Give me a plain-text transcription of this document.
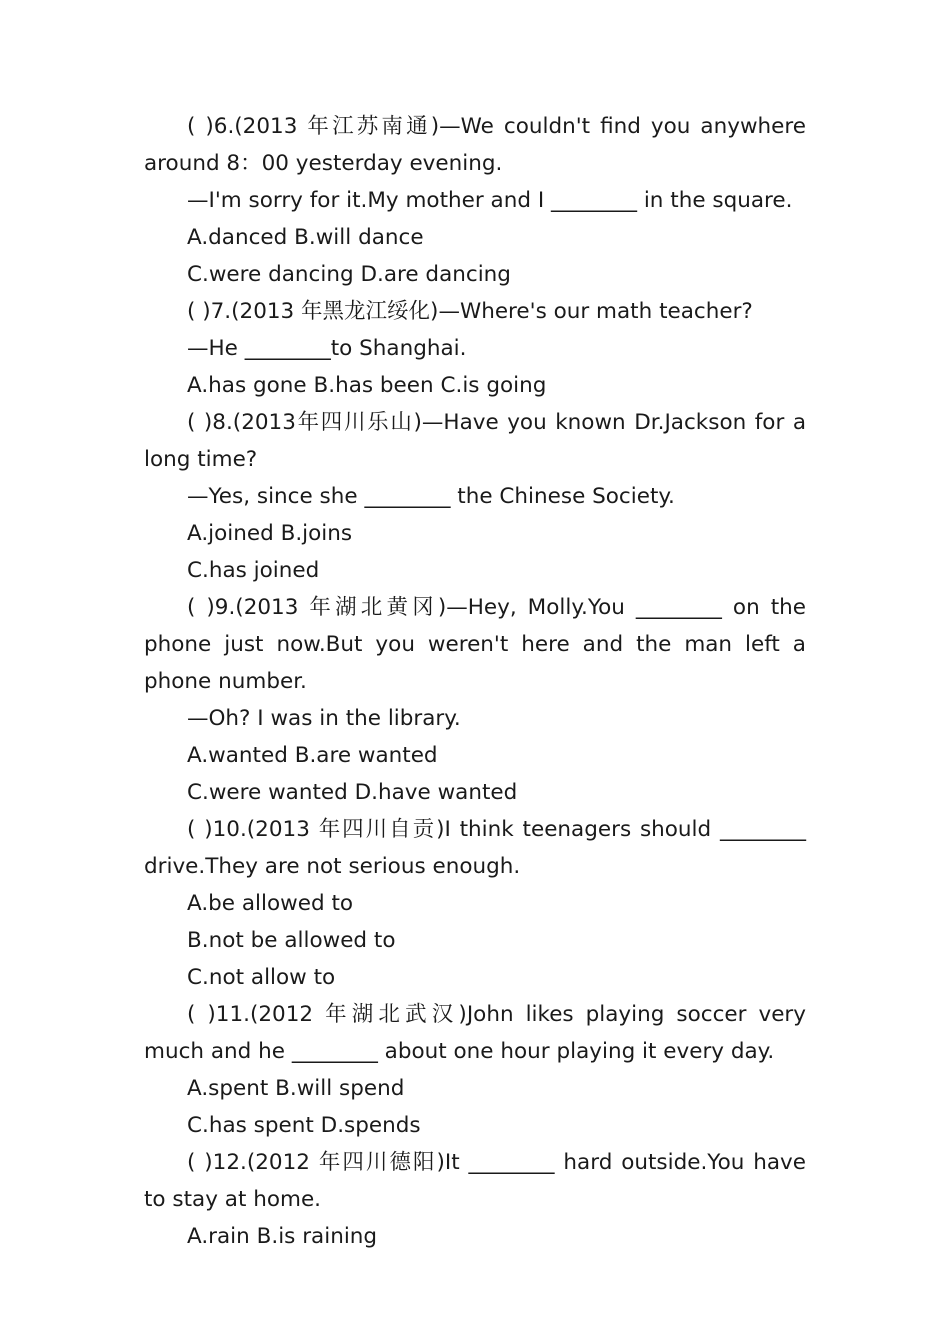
( )6.(2013 年江苏南通)—We couldn't find you anywhere around 8：00 yesterday evening.

—I'm sorry for it.My mother and I ________ in the square.

A.danced B.will dance

C.were dancing D.are dancing

( )7.(2013 年黑龙江绥化)—Where's our math teacher?

—He ________to Shanghai.

A.has gone B.has been C.is going

( )8.(2013年四川乐山)—Have you known Dr.Jackson for a long time?

—Yes, since she ________ the Chinese Society.

A.joined B.joins

C.has joined

( )9.(2013 年湖北黄冈)—Hey, Molly.You ________ on the phone just now.But you weren't here and the man left a phone number.

—Oh? I was in the library.

A.wanted B.are wanted

C.were wanted D.have wanted

( )10.(2013 年四川自贡)I think teenagers should ________ drive.They are not serious enough.

A.be allowed to

B.not be allowed to

C.not allow to

( )11.(2012 年湖北武汉)John likes playing soccer very much and he ________ about one hour playing it every day.

A.spent B.will spend

C.has spent D.spends

( )12.(2012 年四川德阳)It ________ hard outside.You have to stay at home.

A.rain B.is raining
